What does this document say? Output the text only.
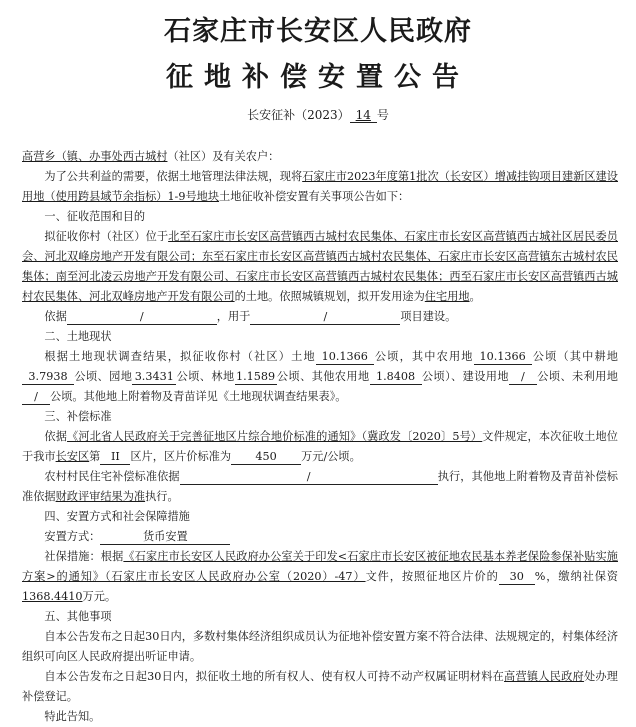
石家庄市长安区人民政府
征地补偿安置公告
长安征补（2023） 14 号

高营乡（镇、办事处西古城村（社区）及有关农户：

为了公共利益的需要，依据土地管理法律法规，现将石家庄市2023年度第1批次（长安区）增减挂钩项目建新区建设用地（使用跨县域节余指标）1-9号地块土地征收补偿安置有关事项公告如下：

一、征收范围和目的

拟征收你村（社区）位于北至石家庄市长安区高营镇西古城村农民集体、石家庄市长安区高营镇西古城社区居民委员会、河北双峰房地产开发有限公司；东至石家庄市长安区高营镇西古城村农民集体、石家庄市长安区高营镇东古城村农民集体；南至河北凌云房地产开发有限公司、石家庄市长安区高营镇西古城村农民集体；西至石家庄市长安区高营镇西古城村农民集体、河北双峰房地产开发有限公司的土地。依照城镇规划，拟开发用途为住宅用地。

依据	/	，用于	/	项目建设。

二、土地现状

根据土地现状调查结果，拟征收你村（社区）土地 10.1366 公顷，其中农用地 10.1366 公顷（其中耕地3.7938 公顷、园地 3.3431 公顷、林地1.1589公顷、其他农用地 1.8408 公顷）、建设用地 / 公顷、未利用地/ 公顷。其他地上附着物及青苗详见《土地现状调查结果表》。

三、补偿标准

依据《河北省人民政府关于完善征地区片综合地价标准的通知》（冀政发〔2020〕5号）文件规定，本次征收土地位于我市长安区第 II 区片，区片价标准为 450 万元/公顷。

农村村民住宅补偿标准依据	/	执行，其他地上附着物及青苗补偿标准依据财政评审结果为准执行。

四、安置方式和社会保障措施

安置方式：	货币安置

社保措施：根据《石家庄市长安区人民政府办公室关于印发<石家庄市长安区被征地农民基本养老保险参保补贴实施方案>的通知》（石家庄市长安区人民政府办公室（2020）-47）文件，按照征地区片价的 30 %，缴纳社保资1368.4410万元。

五、其他事项

自本公告发布之日起30日内，多数村集体经济组织成员认为征地补偿安置方案不符合法律、法规规定的，村集体经济组织可向区人民政府提出听证申请。

自本公告发布之日起30日内，拟征收土地的所有权人、使有权人可持不动产权属证明材料在高营镇人民政府处办理补偿登记。

特此告知。
